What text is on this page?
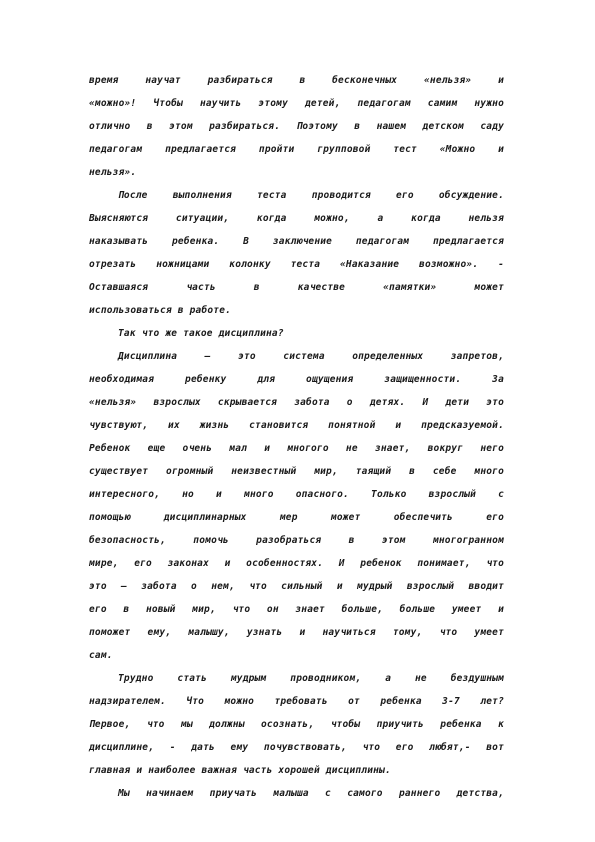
время научат разбираться в бесконечных «нельзя» и
«можно»! Чтобы научить этому детей, педагогам самим нужно
отлично в этом разбираться. Поэтому в нашем детском саду
педагогам предлагается пройти групповой тест «Можно и
нельзя».
После выполнения теста проводится его обсуждение.
Выясняются ситуации, когда можно, а когда нельзя
наказывать ребенка. В заключение педагогам предлагается
отрезать ножницами колонку теста «Наказание возможно». -
Оставшаяся часть в качестве «памятки» может
использоваться в работе.
Так что же такое дисциплина?
Дисциплина – это система определенных запретов,
необходимая ребенку для ощущения защищенности. За
«нельзя» взрослых скрывается забота о детях. И дети это
чувствуют, их жизнь становится понятной и предсказуемой.
Ребенок еще очень мал и многого не знает, вокруг него
существует огромный неизвестный мир, таящий в себе много
интересного, но и много опасного. Только взрослый с
помощью дисциплинарных мер может обеспечить его
безопасность, помочь разобраться в этом многогранном
мире, его законах и особенностях. И ребенок понимает, что
это – забота о нем, что сильный и мудрый взрослый вводит
его в новый мир, что он знает больше, больше умеет и
поможет ему, малышу, узнать и научиться тому, что умеет
сам.
Трудно стать мудрым проводником, а не бездушным
надзирателем. Что можно требовать от ребенка 3-7 лет?
Первое, что мы должны осознать, чтобы приучить ребенка к
дисциплине, - дать ему почувствовать, что его любят,- вот
главная и наиболее важная часть хорошей дисциплины.
Мы начинаем приучать малыша с самого раннего детства,
